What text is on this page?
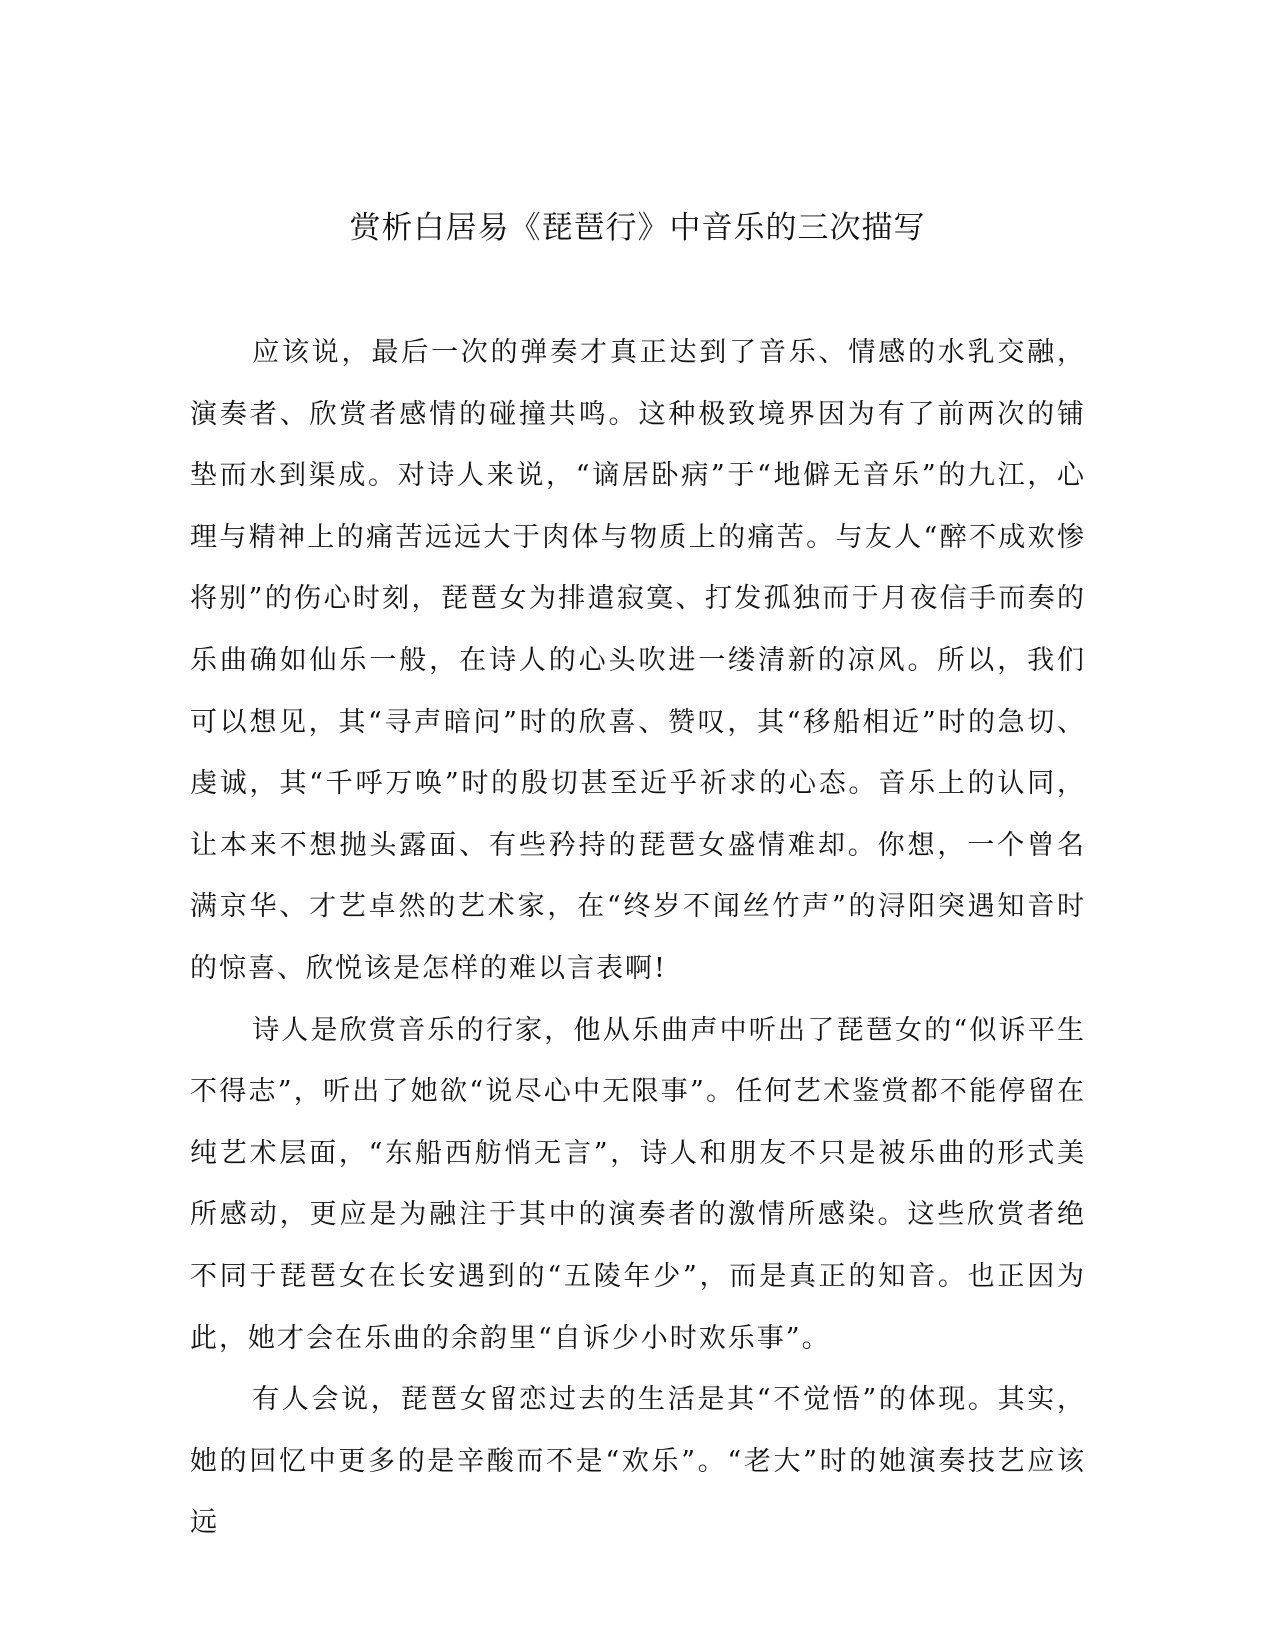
赏析白居易《琵琶行》中音乐的三次描写

应该说，最后一次的弹奏才真正达到了音乐、情感的水乳交融，演奏者、欣赏者感情的碰撞共鸣。这种极致境界因为有了前两次的铺垫而水到渠成。对诗人来说，“谪居卧病”于“地僻无音乐”的九江，心理与精神上的痛苦远远大于肉体与物质上的痛苦。与友人“醉不成欢惨将别”的伤心时刻，琵琶女为排遣寂寞、打发孤独而于月夜信手而奏的乐曲确如仙乐一般，在诗人的心头吹进一缕清新的凉风。所以，我们可以想见，其“寻声暗问”时的欣喜、赞叹，其“移船相近”时的急切、虔诚，其“千呼万唤”时的殷切甚至近乎祈求的心态。音乐上的认同，让本来不想抛头露面、有些矜持的琵琶女盛情难却。你想，一个曾名满京华、才艺卓然的艺术家，在“终岁不闻丝竹声”的浔阳突遇知音时的惊喜、欣悦该是怎样的难以言表啊!

诗人是欣赏音乐的行家，他从乐曲声中听出了琵琶女的“似诉平生不得志”，听出了她欲“说尽心中无限事”。任何艺术鉴赏都不能停留在纯艺术层面，“东船西舫悄无言”，诗人和朋友不只是被乐曲的形式美所感动，更应是为融注于其中的演奏者的激情所感染。这些欣赏者绝不同于琵琶女在长安遇到的“五陵年少”，而是真正的知音。也正因为此，她才会在乐曲的余韵里“自诉少小时欢乐事”。

有人会说，琵琶女留恋过去的生活是其“不觉悟”的体现。其实，她的回忆中更多的是辛酸而不是“欢乐”。“老大”时的她演奏技艺应该远
